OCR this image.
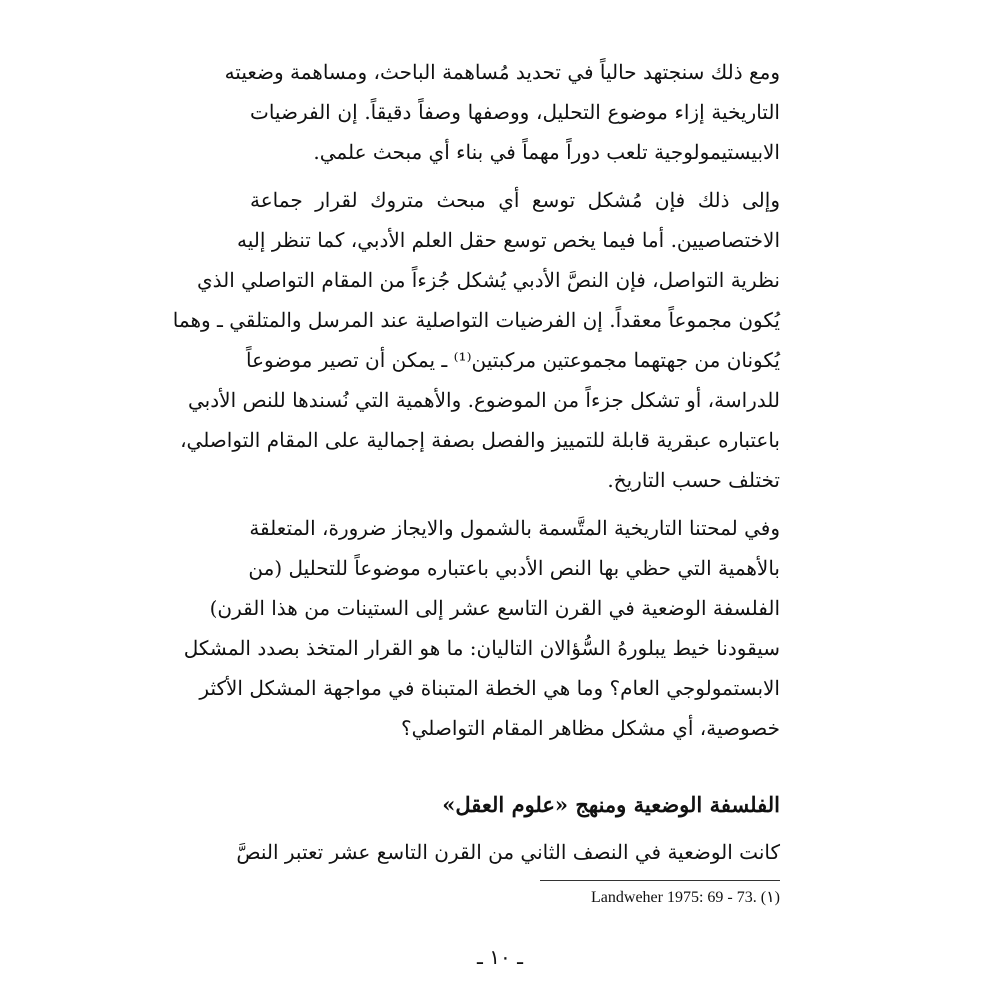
ومع ذلك سنجتهد حالياً في تحديد مُساهمة الباحث، ومساهمة وضعيته
التاريخية إزاء موضوع التحليل، ووصفها وصفاً دقيقاً. إن الفرضيات
الابيستيمولوجية تلعب دوراً مهماً في بناء أي مبحث علمي.
وإلى ذلك فإن مُشكل توسع أي مبحث متروك لقرار جماعة
الاختصاصيين. أما فيما يخص توسع حقل العلم الأدبي، كما تنظر إليه
نظرية التواصل، فإن النصَّ الأدبي يُشكل جُزءاً من المقام التواصلي الذي
يُكون مجموعاً معقداً. إن الفرضيات التواصلية عند المرسل والمتلقي ـ وهما
يُكونان من جهتهما مجموعتين مركبتين⁽¹⁾ ـ يمكن أن تصير موضوعاً
للدراسة، أو تشكل جزءاً من الموضوع. والأهمية التي نُسندها للنص الأدبي
باعتباره عبقرية قابلة للتمييز والفصل بصفة إجمالية على المقام التواصلي،
تختلف حسب التاريخ.
وفي لمحتنا التاريخية المتَّسمة بالشمول والايجاز ضرورة، المتعلقة
بالأهمية التي حظي بها النص الأدبي باعتباره موضوعاً للتحليل (من
الفلسفة الوضعية في القرن التاسع عشر إلى الستينات من هذا القرن)
سيقودنا خيط يبلورهُ السُّؤالان التاليان: ما هو القرار المتخذ بصدد المشكل
الابستمولوجي العام؟ وما هي الخطة المتبناة في مواجهة المشكل الأكثر
خصوصية، أي مشكل مظاهر المقام التواصلي؟
الفلسفة الوضعية ومنهج «علوم العقل»
كانت الوضعية في النصف الثاني من القرن التاسع عشر تعتبر النصَّ
Landweher 1975: 69 - 73. (١)
ـ ١٠ ـ
